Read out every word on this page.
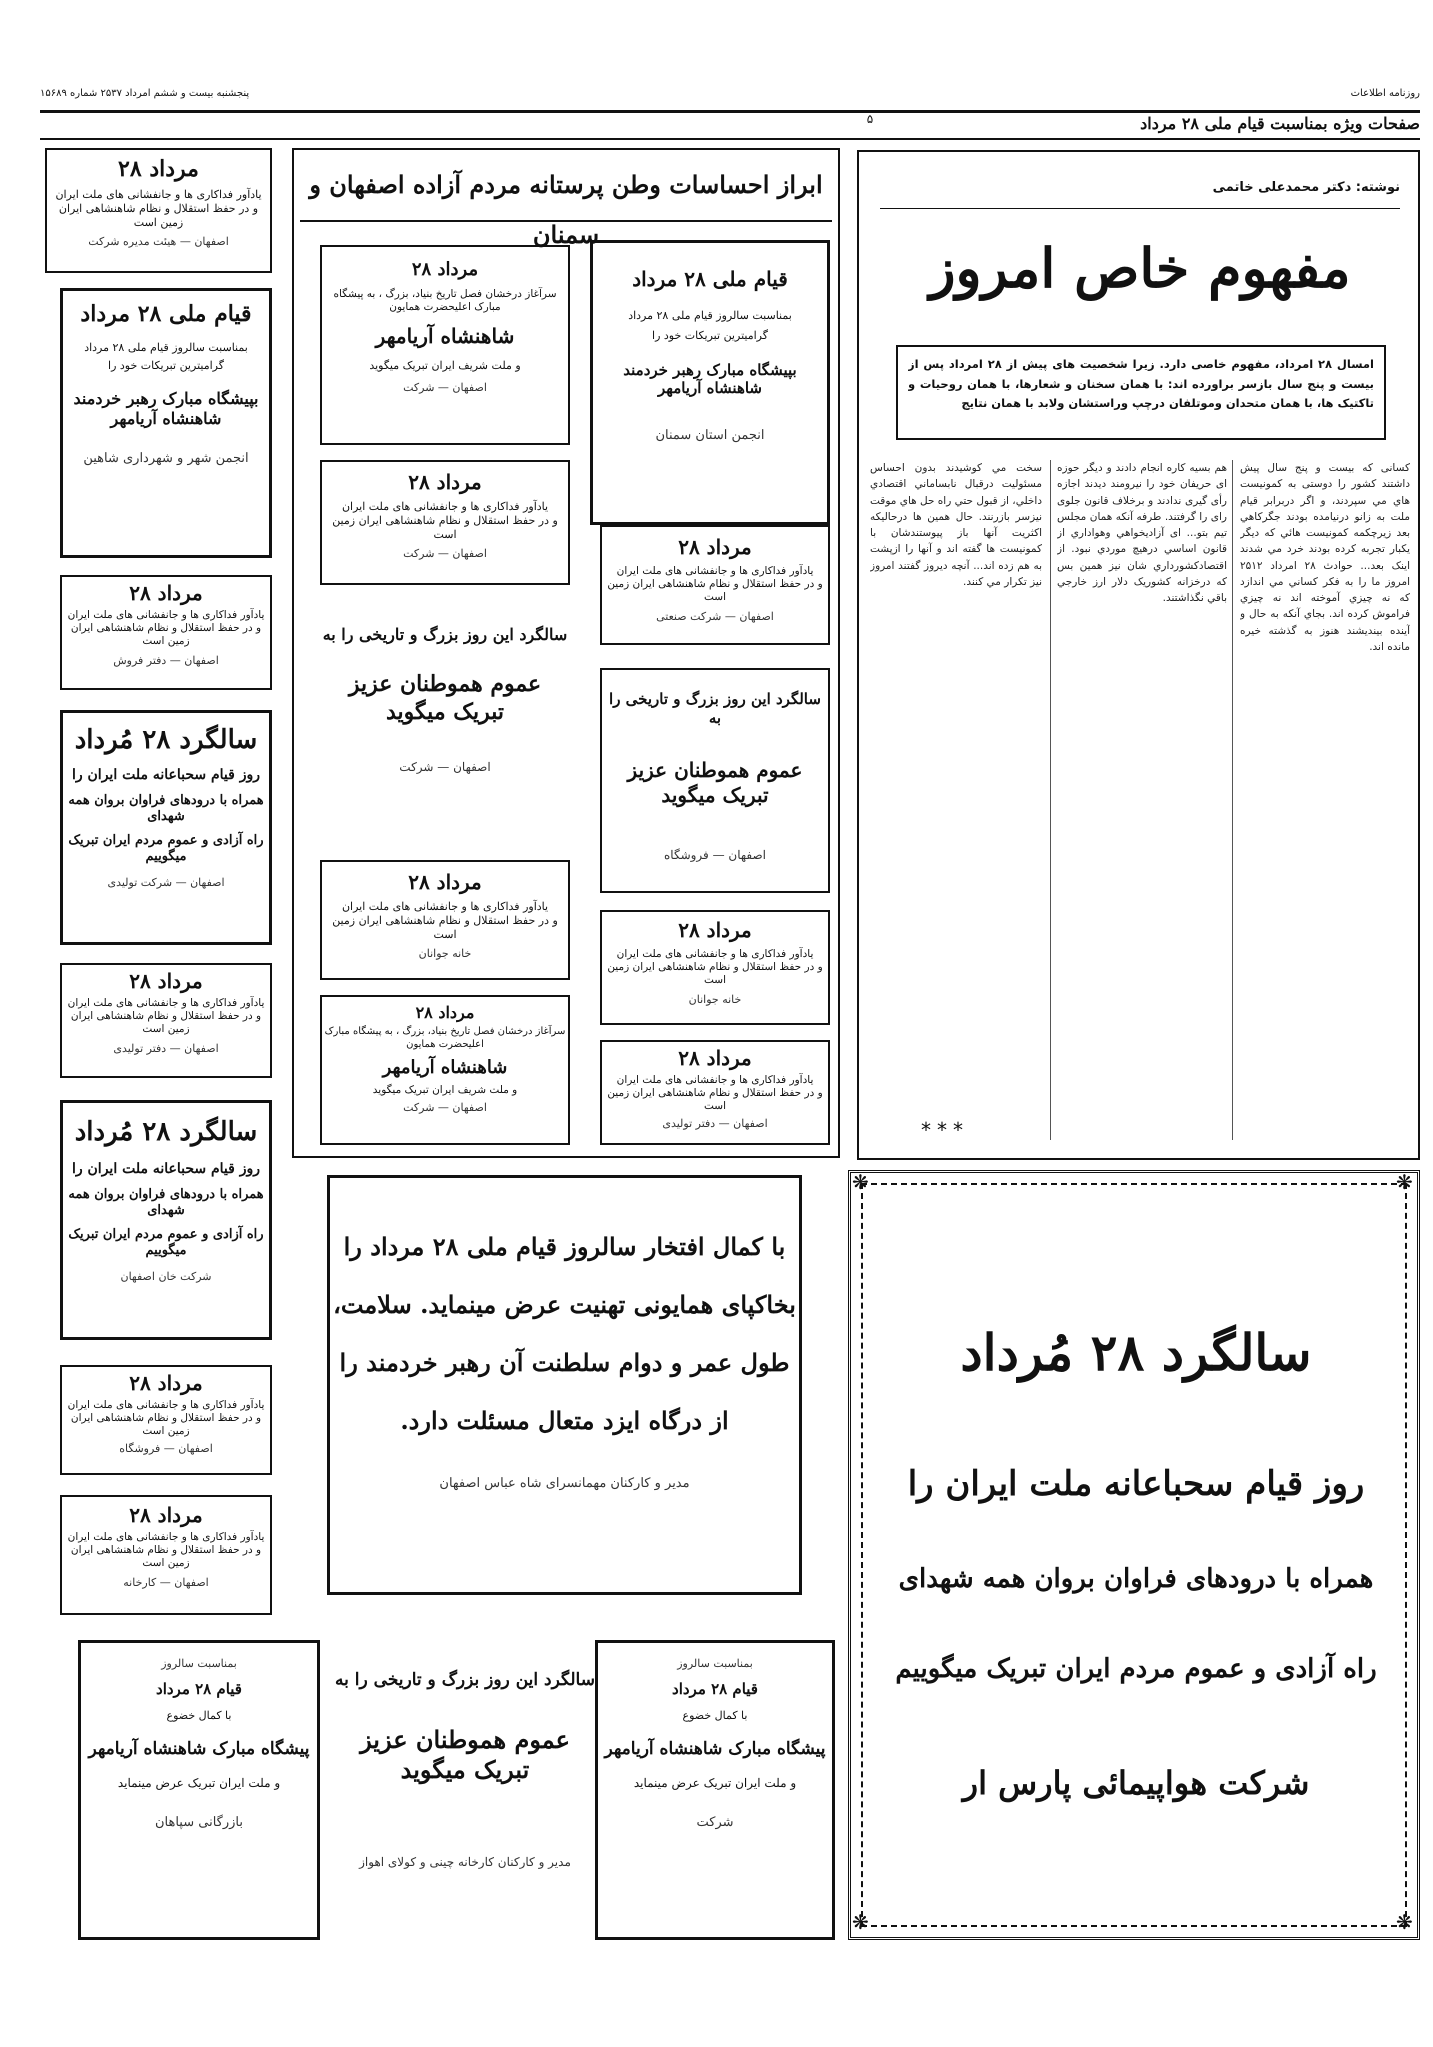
روزنامه اطلاعات
پنجشنبه بیست و ششم امرداد ۲۵۳۷ شماره ۱۵۶۸۹
صفحات ویژه بمناسبت قیام ملی ۲۸ مرداد
۵
نوشته: دکتر محمدعلی خاتمی
مفهوم خاص امروز
امسال ۲۸ امرداد، مفهوم خاصی دارد. زیرا شخصیت های پیش از ۲۸ امرداد پس از بیست و پنج سال بازسر براورده اند: با همان سخنان و شعارها، با همان روحیات و تاکتیک ها، با همان متحدان وموتلفان درچپ وراستشان ولابد با همان نتایج
کسانی که بیست و پنج سال پیش داشتند کشور را دوستی به کمونیست هاي مي سپردند، و اگر دربرابر قیام ملت به زانو درنیامده بودند جگرکاهي بعد زیرچکمه کمونیست هائي که دیگر یکبار تجربه کرده بودند خرد مي شدند اینک بعد... حوادث ۲۸ امرداد ۲۵۱۲ امروز ما را به فکر کساني مي اندازد که نه چیزي آموخته اند نه چیزي فراموش کرده اند. بجاي آنکه به حال و آینده بیندیشند هنوز به گذشته خیره مانده اند.
هم بسیه کاره انجام دادند و دیگر حوزه ای حریفان خود را نیرومند دیدند اجازه رأی گیری ندادند و برخلاف قانون جلوی رای را گرفتند. طرفه آنکه همان مجلس تیم بتو... ای آزادیخواهي وهواداري از قانون اساسي درهیچ موردي نبود. از اقتصادکشورداري شان نیز همین بس که درخزانه کشوریک دلار ارز خارجي باقي نگذاشتند.
سخت مي کوشیدند بدون احساس مسئولیت درقبال نابساماني اقتصادي داخلي، از قبول حتي راه حل هاي موقت نیزسر بازرنند. حال همین ها درحالیکه اکثریت آنها باز پیوستندشان با کمونیست ها گفته اند و آنها را ازپشت به هم زده اند... آنچه دیروز گفتند امروز نیز تکرار مي کنند.
***
۲۸ مرداد
یادآور فداکاری ها و جانفشانی های ملت ایران
و در حفظ استقلال و نظام شاهنشاهی ایران زمین است
اصفهان — هیئت مدیره شرکت
قیام ملی ۲۸ مرداد
بمناسبت سالروز قیام ملی ۲۸ مرداد
گرامیترین تبریکات خود را
بپیشگاه مبارک رهبر خردمند شاهنشاه آریامهر
انجمن شهر و شهرداری شاهین
۲۸ مرداد
یادآور فداکاری ها و جانفشانی های ملت ایران
و در حفظ استقلال و نظام شاهنشاهی ایران زمین است
اصفهان — دفتر فروش
سالگرد ۲۸ مُرداد
روز قیام سحباعانه ملت ایران را
همراه با درودهای فراوان بروان همه شهدای
راه آزادی و عموم مردم ایران تبریک میگوییم
اصفهان — شرکت تولیدی
۲۸ مرداد
یادآور فداکاری ها و جانفشانی های ملت ایران
و در حفظ استقلال و نظام شاهنشاهی ایران زمین است
اصفهان — دفتر تولیدی
سالگرد ۲۸ مُرداد
روز قیام سحباعانه ملت ایران را
همراه با درودهای فراوان بروان همه شهدای
راه آزادی و عموم مردم ایران تبریک میگوییم
شرکت خان اصفهان
۲۸ مرداد
یادآور فداکاری ها و جانفشانی های ملت ایران
و در حفظ استقلال و نظام شاهنشاهی ایران زمین است
اصفهان — فروشگاه
۲۸ مرداد
یادآور فداکاری ها و جانفشانی های ملت ایران
و در حفظ استقلال و نظام شاهنشاهی ایران زمین است
اصفهان — کارخانه
ابراز احساسات وطن پرستانه مردم آزاده اصفهان و سمنان
۲۸ مرداد
سرآغاز درخشان فصل تاریخ بنیاد، بزرگ ، به پیشگاه مبارک اعلیحضرت همایون
شاهنشاه آریامهر
و ملت شریف ایران تبریک میگوید
اصفهان — شرکت
۲۸ مرداد
یادآور فداکاری ها و جانفشانی های ملت ایران
و در حفظ استقلال و نظام شاهنشاهی ایران زمین است
اصفهان — شرکت
سالگرد این روز بزرگ و تاریخی را به
عموم هموطنان عزیز تبریک میگوید
اصفهان — شرکت
۲۸ مرداد
یادآور فداکاری ها و جانفشانی های ملت ایران
و در حفظ استقلال و نظام شاهنشاهی ایران زمین است
خانه جوانان
۲۸ مرداد
سرآغاز درخشان فصل تاریخ بنیاد، بزرگ ، به پیشگاه مبارک اعلیحضرت همایون
شاهنشاه آریامهر
و ملت شریف ایران تبریک میگوید
اصفهان — شرکت
قیام ملی ۲۸ مرداد
بمناسبت سالروز قیام ملی ۲۸ مرداد
گرامیترین تبریکات خود را
بپیشگاه مبارک رهبر خردمند شاهنشاه آریامهر
انجمن استان سمنان
۲۸ مرداد
یادآور فداکاری ها و جانفشانی های ملت ایران
و در حفظ استقلال و نظام شاهنشاهی ایران زمین است
اصفهان — شرکت صنعتی
سالگرد این روز بزرگ و تاریخی را به
عموم هموطنان عزیز تبریک میگوید
اصفهان — فروشگاه
۲۸ مرداد
یادآور فداکاری ها و جانفشانی های ملت ایران
و در حفظ استقلال و نظام شاهنشاهی ایران زمین است
خانه جوانان
۲۸ مرداد
یادآور فداکاری ها و جانفشانی های ملت ایران
و در حفظ استقلال و نظام شاهنشاهی ایران زمین است
اصفهان — دفتر تولیدی
با کمال افتخار سالروز قیام ملی ۲۸ مرداد را
بخاکپای همایونی تهنیت عرض مینماید. سلامت،
طول عمر و دوام سلطنت آن رهبر خردمند را
از درگاه ایزد متعال مسئلت دارد.
مدیر و کارکنان مهمانسرای شاه عباس اصفهان
سالگرد ۲۸ مُرداد
روز قیام سحباعانه ملت ایران را
همراه با درودهای فراوان بروان همه شهدای
راه آزادی و عموم مردم ایران تبریک میگوییم
شرکت هواپیمائی پارس ار
❋	❋
❋	❋
بمناسبت سالروز
قیام ۲۸ مرداد
با کمال خضوع
پیشگاه مبارک شاهنشاه آریامهر
و ملت ایران تبریک عرض مینماید
بازرگانی سپاهان
سالگرد این روز بزرگ و تاریخی را به
عموم هموطنان عزیز تبریک میگوید
مدیر و کارکنان کارخانه چینی و کولای اهواز
بمناسبت سالروز
قیام ۲۸ مرداد
با کمال خضوع
پیشگاه مبارک شاهنشاه آریامهر
و ملت ایران تبریک عرض مینماید
شرکت
